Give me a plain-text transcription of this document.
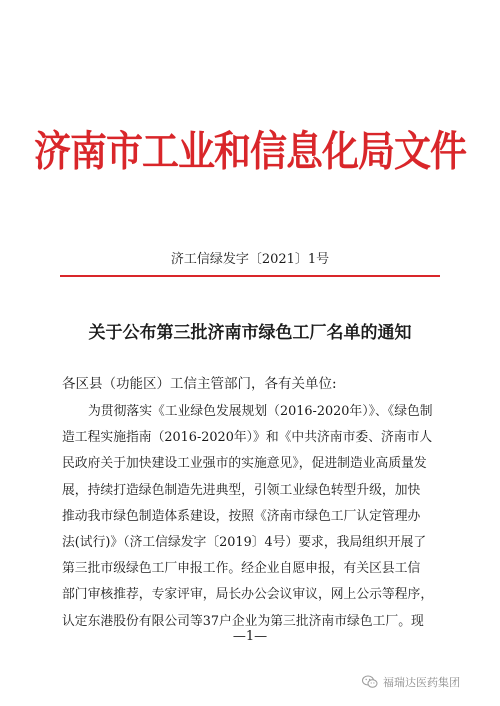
济南市工业和信息化局文件
济工信绿发字〔2021〕1号
关于公布第三批济南市绿色工厂名单的通知
各区县（功能区）工信主管部门，各有关单位:
为贯彻落实《工业绿色发展规划（2016-2020年）》、《绿色制
造工程实施指南（2016-2020年）》和《中共济南市委、济南市人
民政府关于加快建设工业强市的实施意见》，促进制造业高质量发
展，持续打造绿色制造先进典型，引领工业绿色转型升级，加快
推动我市绿色制造体系建设，按照《济南市绿色工厂认定管理办
法(试行)》（济工信绿发字〔2019〕4号）要求，我局组织开展了
第三批市级绿色工厂申报工作。经企业自愿申报，有关区县工信
部门审核推荐，专家评审，局长办公会议审议，网上公示等程序，
认定东港股份有限公司等37户企业为第三批济南市绿色工厂。现
—1—
福瑞达医药集团
